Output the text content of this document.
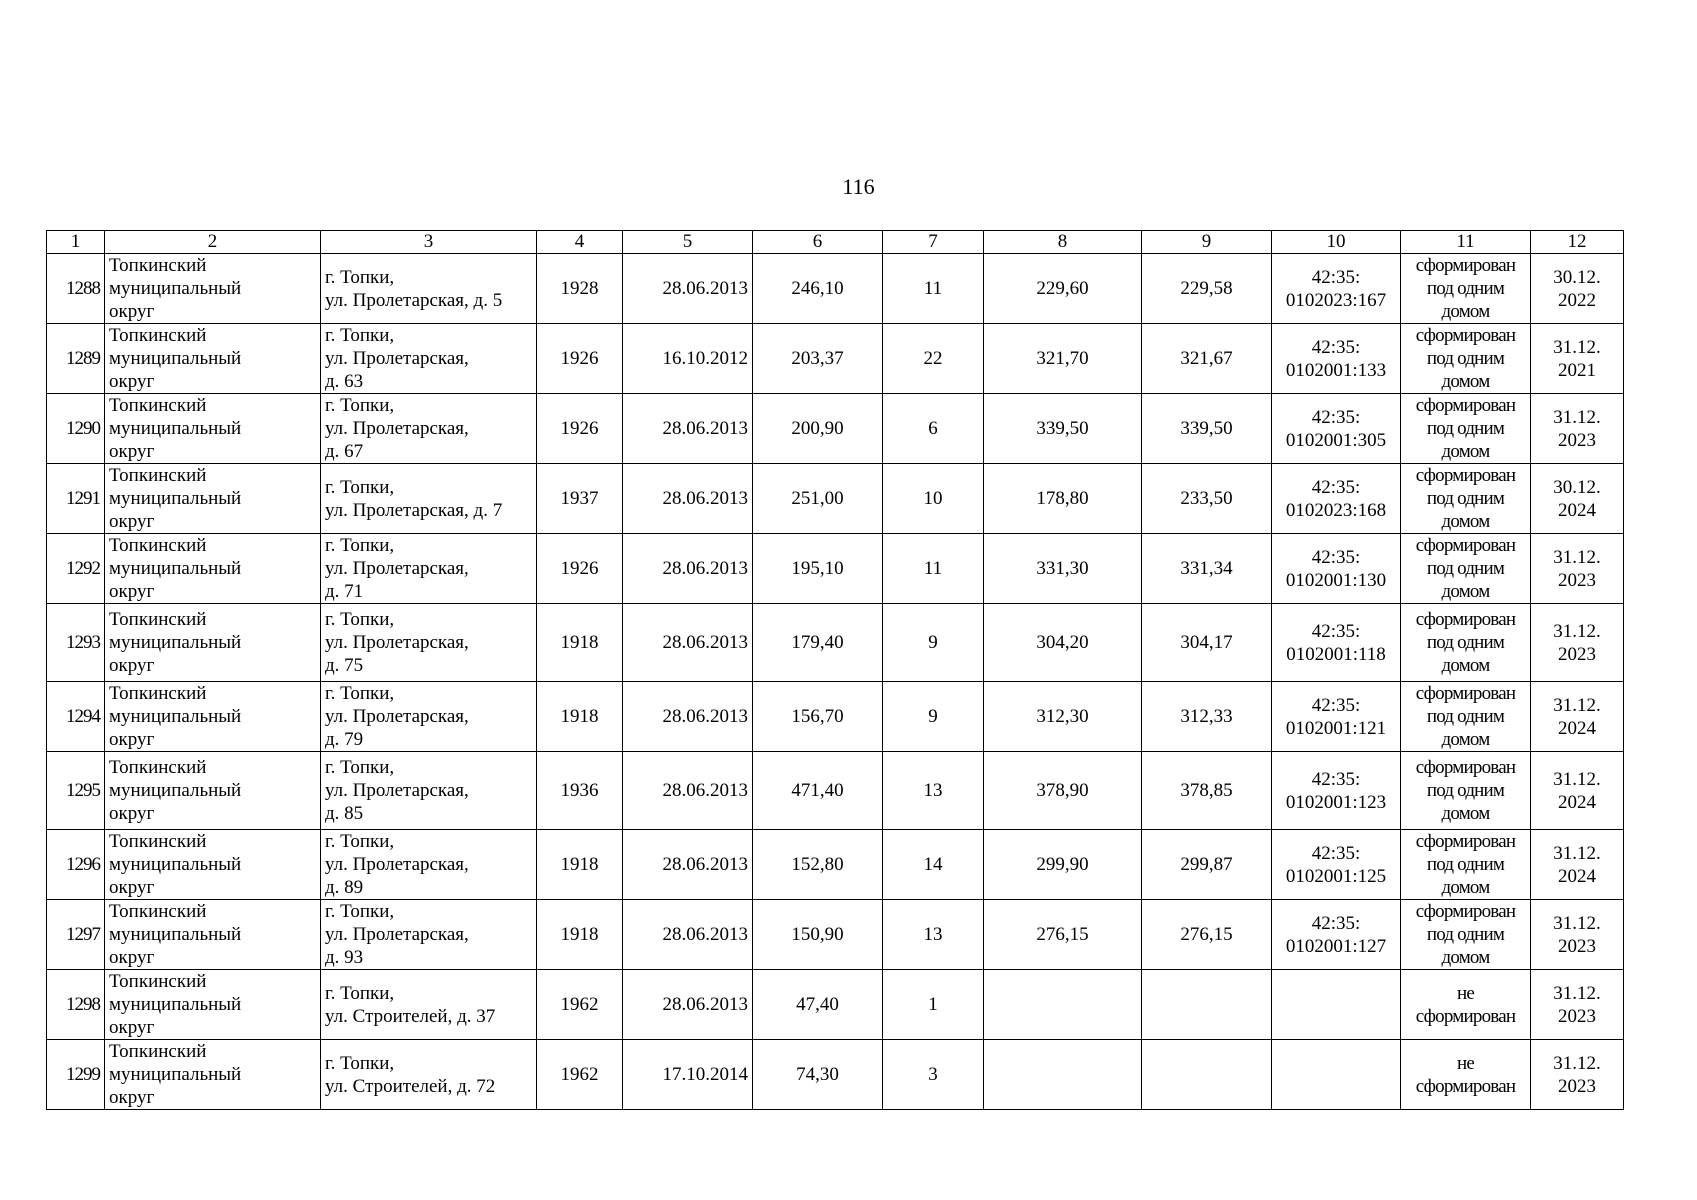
116
1	2	3	4	5	6	7	8	9	10	11	12
1288	Топкинский
муниципальный
округ	г. Топки,
ул. Пролетарская, д. 5	1928	28.06.2013	246,10	11	229,60	229,58	42:35:
0102023:167	сформирован
под одним
домом	30.12.
2022

1289	Топкинский
муниципальный
округ	г. Топки,
ул. Пролетарская,
д. 63	1926	16.10.2012	203,37	22	321,70	321,67	42:35:
0102001:133	сформирован
под одним
домом	31.12.
2021

1290	Топкинский
муниципальный
округ	г. Топки,
ул. Пролетарская,
д. 67	1926	28.06.2013	200,90	6	339,50	339,50	42:35:
0102001:305	сформирован
под одним
домом	31.12.
2023

1291	Топкинский
муниципальный
округ	г. Топки,
ул. Пролетарская, д. 7	1937	28.06.2013	251,00	10	178,80	233,50	42:35:
0102023:168	сформирован
под одним
домом	30.12.
2024

1292	Топкинский
муниципальный
округ	г. Топки,
ул. Пролетарская,
д. 71	1926	28.06.2013	195,10	11	331,30	331,34	42:35:
0102001:130	сформирован
под одним
домом	31.12.
2023

1293	Топкинский
муниципальный
округ	г. Топки,
ул. Пролетарская,
д. 75	1918	28.06.2013	179,40	9	304,20	304,17	42:35:
0102001:118	сформирован
под одним
домом	31.12.
2023

1294	Топкинский
муниципальный
округ	г. Топки,
ул. Пролетарская,
д. 79	1918	28.06.2013	156,70	9	312,30	312,33	42:35:
0102001:121	сформирован
под одним
домом	31.12.
2024

1295	Топкинский
муниципальный
округ	г. Топки,
ул. Пролетарская,
д. 85	1936	28.06.2013	471,40	13	378,90	378,85	42:35:
0102001:123	сформирован
под одним
домом	31.12.
2024

1296	Топкинский
муниципальный
округ	г. Топки,
ул. Пролетарская,
д. 89	1918	28.06.2013	152,80	14	299,90	299,87	42:35:
0102001:125	сформирован
под одним
домом	31.12.
2024

1297	Топкинский
муниципальный
округ	г. Топки,
ул. Пролетарская,
д. 93	1918	28.06.2013	150,90	13	276,15	276,15	42:35:
0102001:127	сформирован
под одним
домом	31.12.
2023

1298	Топкинский
муниципальный
округ	г. Топки,
ул. Строителей, д. 37	1962	28.06.2013	47,40	1				не
сформирован	31.12.
2023

1299	Топкинский
муниципальный
округ	г. Топки,
ул. Строителей, д. 72	1962	17.10.2014	74,30	3				не
сформирован	31.12.
2023
